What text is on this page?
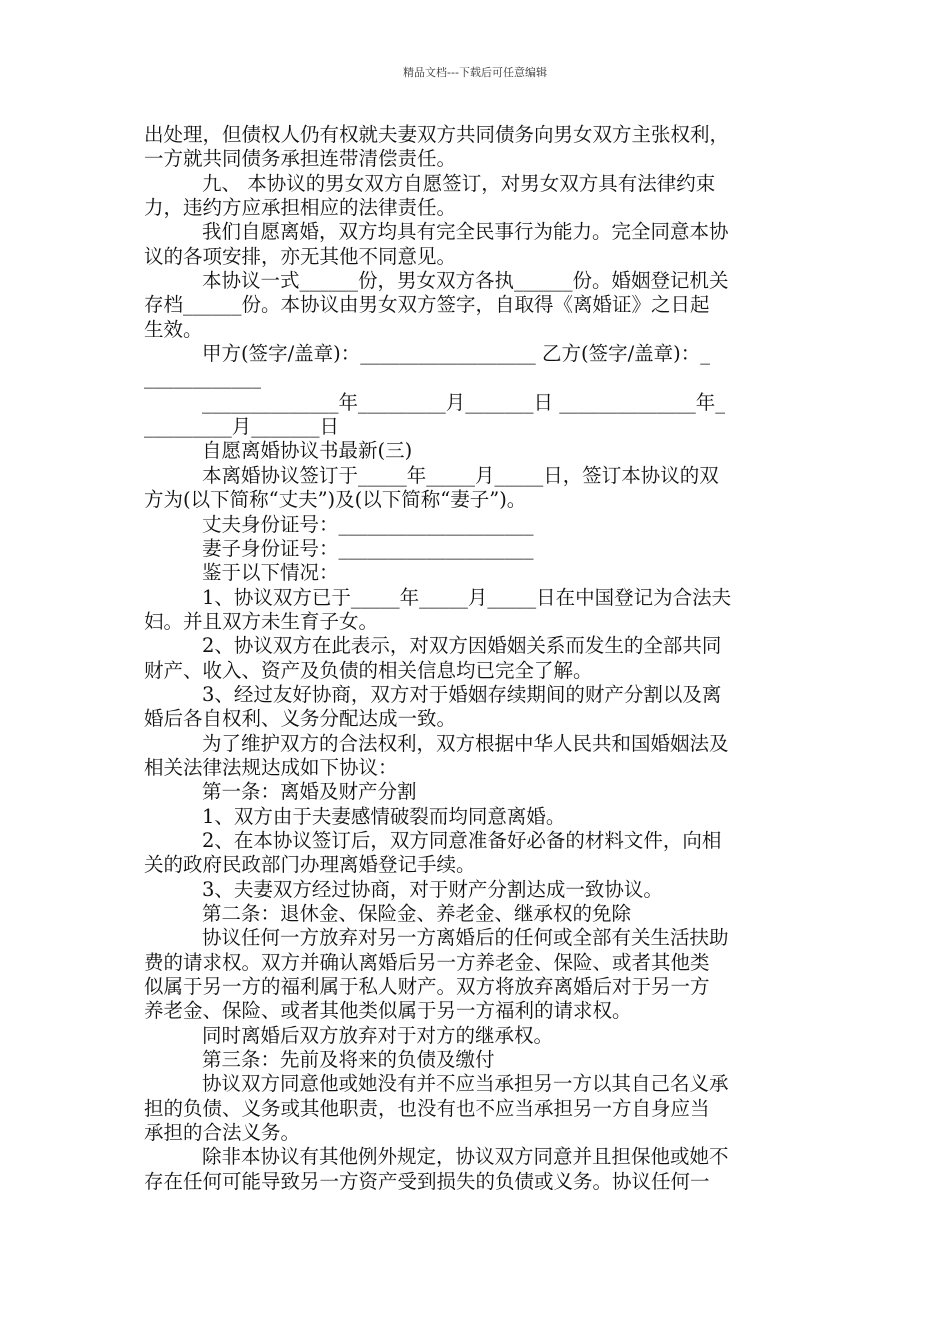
精品文档---下载后可任意编辑
出处理，但债权人仍有权就夫妻双方共同债务向男女双方主张权利，
一方就共同债务承担连带清偿责任。
九、 本协议的男女双方自愿签订，对男女双方具有法律约束
力，违约方应承担相应的法律责任。
我们自愿离婚，双方均具有完全民事行为能力。完全同意本协
议的各项安排，亦无其他不同意见。
本协议一式______份，男女双方各执______份。婚姻登记机关
存档______份。本协议由男女双方签字，自取得《离婚证》之日起
生效。
甲方(签字/盖章)：__________________ 乙方(签字/盖章)：_
____________
______________年_________月_______日 ______________年_
_________月_______日
自愿离婚协议书最新(三)
本离婚协议签订于_____年_____月_____日，签订本协议的双
方为(以下简称“丈夫”)及(以下简称“妻子”)。
丈夫身份证号：____________________
妻子身份证号：____________________
鉴于以下情况：
1、协议双方已于_____年_____月_____日在中国登记为合法夫
妇。并且双方未生育子女。
2、协议双方在此表示，对双方因婚姻关系而发生的全部共同
财产、收入、资产及负债的相关信息均已完全了解。
3、经过友好协商，双方对于婚姻存续期间的财产分割以及离
婚后各自权利、义务分配达成一致。
为了维护双方的合法权利，双方根据中华人民共和国婚姻法及
相关法律法规达成如下协议：
第一条：离婚及财产分割
1、双方由于夫妻感情破裂而均同意离婚。
2、在本协议签订后，双方同意准备好必备的材料文件，向相
关的政府民政部门办理离婚登记手续。
3、夫妻双方经过协商，对于财产分割达成一致协议。
第二条：退休金、保险金、养老金、继承权的免除
协议任何一方放弃对另一方离婚后的任何或全部有关生活扶助
费的请求权。双方并确认离婚后另一方养老金、保险、或者其他类
似属于另一方的福利属于私人财产。双方将放弃离婚后对于另一方
养老金、保险、或者其他类似属于另一方福利的请求权。
同时离婚后双方放弃对于对方的继承权。
第三条：先前及将来的负债及缴付
协议双方同意他或她没有并不应当承担另一方以其自己名义承
担的负债、义务或其他职责，也没有也不应当承担另一方自身应当
承担的合法义务。
除非本协议有其他例外规定，协议双方同意并且担保他或她不
存在任何可能导致另一方资产受到损失的负债或义务。协议任何一
